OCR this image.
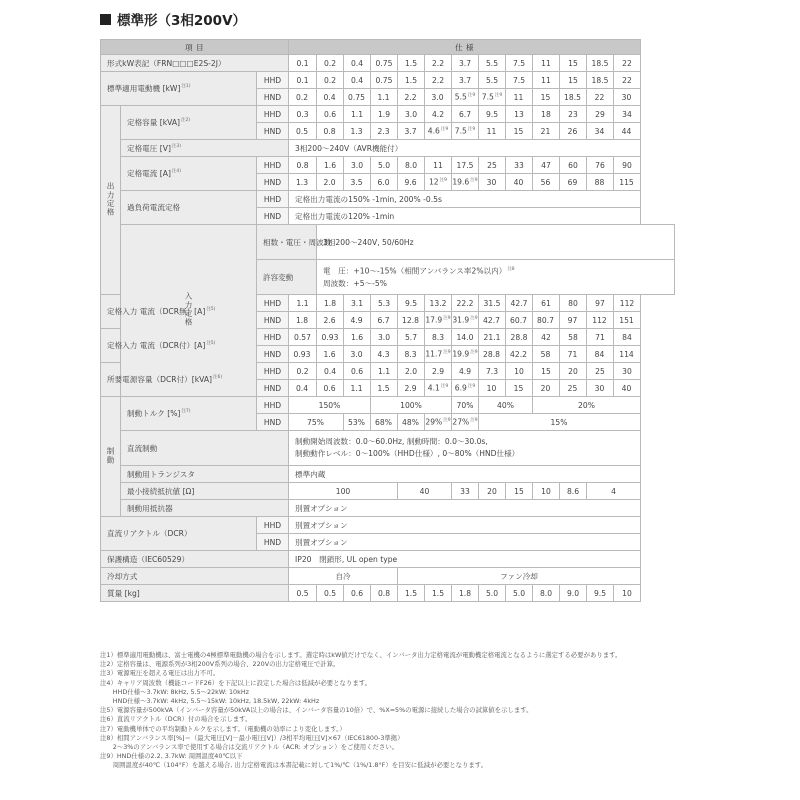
標準形（3相200V）
項 目			仕 様												
形式kW表記（FRN□□□E2S-2J）			0.1	0.2	0.4	0.75	1.5	2.2	3.7	5.5	7.5	11	15	18.5	22
標準適用電動機 [kW]$^{注1)}$		HHD	0.1	0.2	0.4	0.75	1.5	2.2	3.7	5.5	7.5	11	15	18.5	22
		HND	0.2	0.4	0.75	1.1	2.2	3.0	5.5$^{注9}$	7.5$^{注9}$	11	15	18.5	22	30
出力定格	定格容量 [kVA]$^{注2)}$	HHD	0.3	0.6	1.1	1.9	3.0	4.2	6.7	9.5	13	18	23	29	34
		HND	0.5	0.8	1.3	2.3	3.7	4.6$^{注9}$	7.5$^{注9}$	11	15	21	26	34	44
	定格電圧 $[V]^{注3)}$		3相200～240V（AVR機能付）												
	定格電流 $[A]^{注4)}$	HHD	0.8	1.6	3.0	5.0	8.0	11	17.5	25	33	47	60	76	90
		HND	1.3	2.0	3.5	6.0	9.6	12$^{注9}$	19.6$^{注9}$	30	40	56	69	88	115
	過負荷電流定格	HHD	定格出力電流の150% -1min, 200% -0.5s												
		HND	定格出力電流の120% -1min												
	入力定格	相数・電圧・周波数		3相200～240V, 50/60Hz											
		許容変動		電　圧：+10～-15%（相間アンバランス率2%以内）$^{注8}$
周波数：+5～-5%											

定格入力 電流（DCR無）$[A]^{注5)}$		HHD	1.1	1.8	3.1	5.3	9.5	13.2	22.2	31.5	42.7	61	80	97	112
		HND	1.8	2.6	4.9	6.7	12.8	17.9$^{注9}$	31.9$^{注9}$	42.7	60.7	80.7	97	112	151
定格入力 電流（DCR付）$[A]^{注5)}$		HHD	0.57	0.93	1.6	3.0	5.7	8.3	14.0	21.1	28.8	42	58	71	84
		HND	0.93	1.6	3.0	4.3	8.3	11.7$^{注9}$	19.9$^{注9}$	28.8	42.2	58	71	84	114
所要電源容量（DCR付）[kVA]$^{注6)}$		HHD	0.2	0.4	0.6	1.1	2.0	2.9	4.9	7.3	10	15	20	25	30
		HND	0.4	0.6	1.1	1.5	2.9	4.1$^{注9}$	6.9$^{注9}$	10	15	20	25	30	40
制動	制動トルク [%]$^{注7)}$	HHD	150%			100%			70%	40%		20%			
		HND	75%		53%	68%	48%	29%$^{注9}$	27%$^{注9}$	15%					
	直流制動		制動開始周波数：0.0～60.0Hz, 制動時間：0.0～30.0s,
制動動作レベル：0～100%（HHD仕様）, 0～80%（HND仕様）												

	制動用トランジスタ		標準内蔵												
	最小接続抵抗値 [Ω]		100				40		33	20	15	10	8.6	4	
	制動用抵抗器		別置オプション												
直流リアクトル（DCR）		HHD	別置オプション												
		HND	別置オプション												
保護構造（IEC60529）			IP20　閉鎖形, UL open type												
冷却方式			自冷				ファン冷却								
質量 [kg]			0.5	0.5	0.6	0.8	1.5	1.5	1.8	5.0	5.0	8.0	9.0	9.5	10
注1）標準適用電動機は、富士電機の4極標準電動機の場合を示します。選定時はkW値だけでなく、インバータ出力定格電流が電動機定格電流となるように選定する必要があります。
注2）定格容量は、電源系列が3相200V系列の場合、220Vの出力定格電圧で計算。
注3）電源電圧を超える電圧は出力不可。
注4）キャリア周波数（機能コードF26）を下記以上に設定した場合は低減が必要となります。
　　HHD仕様～3.7kW: 8kHz, 5.5～22kW: 10kHz
　　HND仕様～3.7kW: 4kHz, 5.5～15kW: 10kHz, 18.5kW, 22kW: 4kHz
注5）電源容量が500kVA（インバータ容量が50kVA以上の場合は、インバータ容量の10倍）で、%X=5%の電源に接続した場合の試算値を示します。
注6）直流リアクトル（DCR）付の場合を示します。
注7）電動機単体での平均制動トルクを示します。（電動機の効率により変化します。）
注8）相間アンバランス率[%]＝（最大電圧[V]－最小電圧[V]）/3相平均電圧[V]×67（IEC61800-3準拠）
　　2～3%のアンバランス率で使用する場合は交流リアクトル（ACR: オプション）をご使用ください。
注9）HND仕様の2.2, 3.7kW: 周囲温度40℃以下
　　周囲温度が40℃（104°F）を越える場合, 出力定格電流は本書記載に対して1%/℃（1%/1.8°F）を目安に低減が必要となります。
